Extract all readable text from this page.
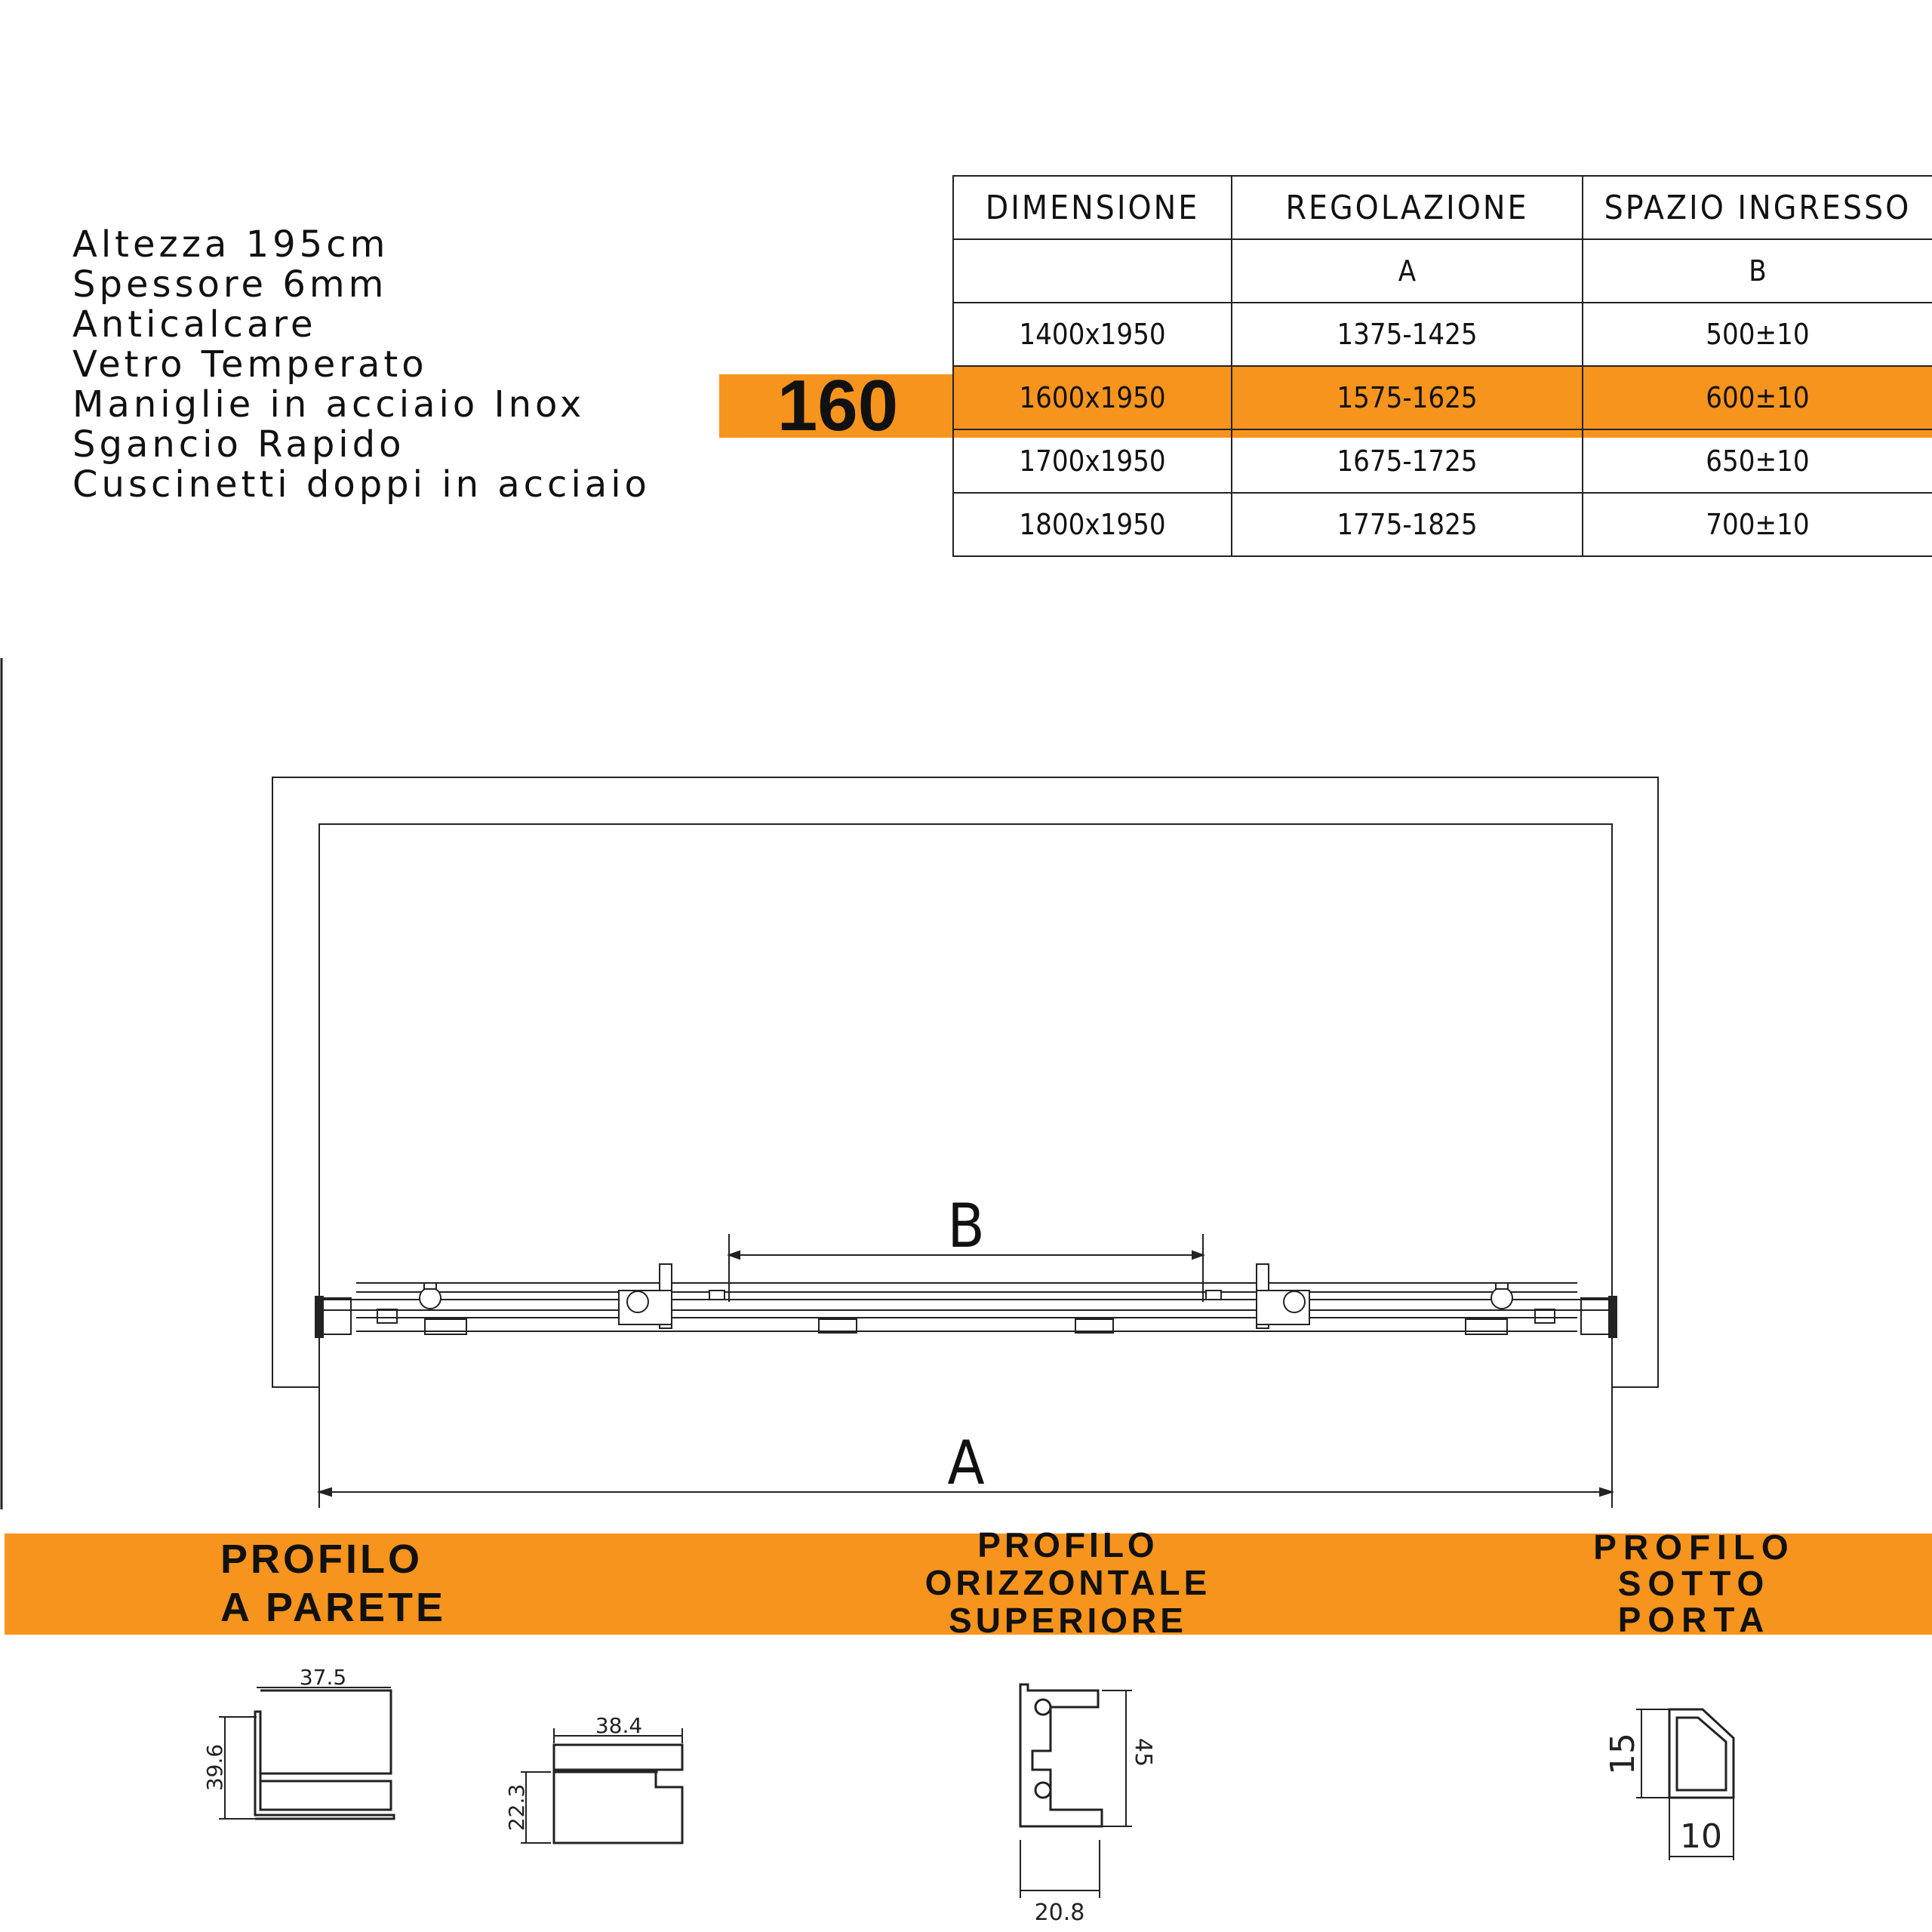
Altezza 195cm
Spessore 6mm
Anticalcare
Vetro Temperato
Maniglie in acciaio Inox
Sgancio Rapido
Cuscinetti doppi in acciaio
160
DIMENSIONE	REGOLAZIONE	SPAZIO INGRESSO
	A	B
1400x1950	1375-1425	500±10
1600x1950	1575-1625	600±10
1700x1950	1675-1725	650±10
1800x1950	1775-1825	700±10
B
A
PROFILO
A PARETE
PROFILO
ORIZZONTALE
SUPERIORE
PROFILO
SOTTO
PORTA
37.5
39.6
38.4
22.3
20.8
45
10
15
